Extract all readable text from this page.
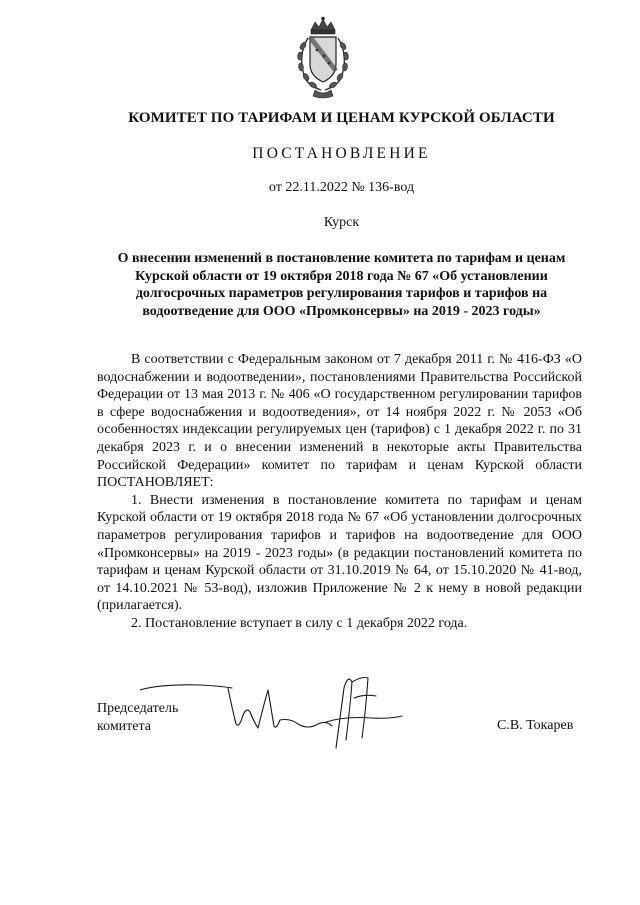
КОМИТЕТ ПО ТАРИФАМ И ЦЕНАМ КУРСКОЙ ОБЛАСТИ
ПОСТАНОВЛЕНИЕ
от 22.11.2022 № 136-вод
Курск
О внесении изменений в постановление комитета по тарифам и ценам Курской области от 19 октября 2018 года № 67 «Об установлении долгосрочных параметров регулирования тарифов и тарифов на водоотведение для ООО «Промконсервы» на 2019 - 2023 годы»

В соответствии с Федеральным законом от 7 декабря 2011 г. № 416-ФЗ «О водоснабжении и водоотведении», постановлениями Правительства Российской Федерации от 13 мая 2013 г. № 406 «О государственном регулировании тарифов в сфере водоснабжения и водоотведения», от 14 ноября 2022 г. № 2053 «Об особенностях индексации регулируемых цен (тарифов) с 1 декабря 2022 г. по 31 декабря 2023 г. и о внесении изменений в некоторые акты Правительства Российской Федерации» комитет по тарифам и ценам Курской области ПОСТАНОВЛЯЕТ:

1. Внести изменения в постановление комитета по тарифам и ценам Курской области от 19 октября 2018 года № 67 «Об установлении долгосрочных параметров регулирования тарифов и тарифов на водоотведение для ООО «Промконсервы» на 2019 - 2023 годы» (в редакции постановлений комитета по тарифам и ценам Курской области от 31.10.2019 № 64, от 15.10.2020 № 41-вод, от 14.10.2021 № 53-вод), изложив Приложение № 2 к нему в новой редакции (прилагается).

2. Постановление вступает в силу с 1 декабря 2022 года.

Председатель
комитета	С.В. Токарев
